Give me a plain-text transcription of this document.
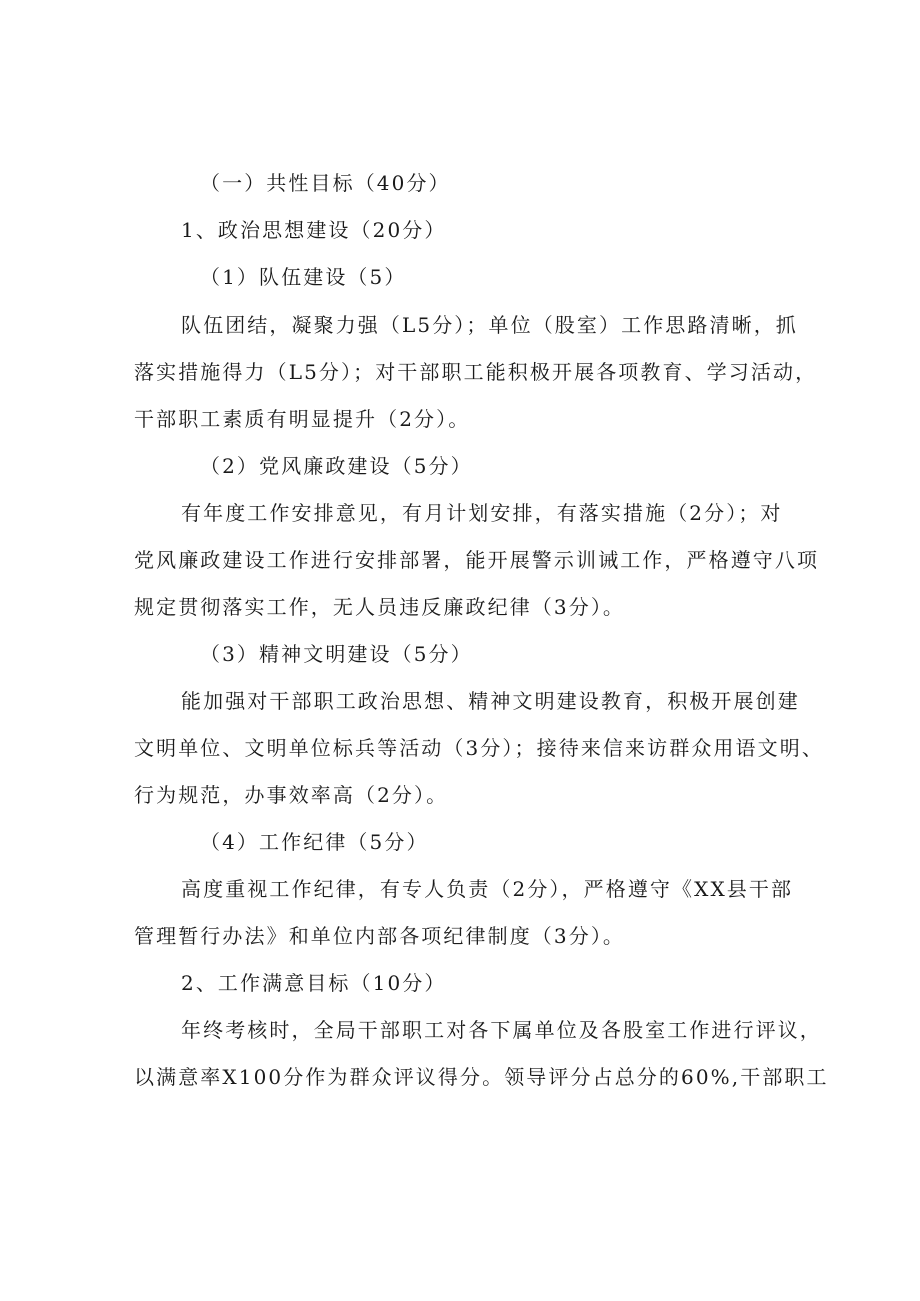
（一）共性目标（40分）
1、政治思想建设（20分）
（1）队伍建设（5）
队伍团结，凝聚力强（L5分）；单位（股室）工作思路清晰，抓
落实措施得力（L5分）；对干部职工能积极开展各项教育、学习活动，
干部职工素质有明显提升（2分）。
（2）党风廉政建设（5分）
有年度工作安排意见，有月计划安排，有落实措施（2分）；对
党风廉政建设工作进行安排部署，能开展警示训诫工作，严格遵守八项
规定贯彻落实工作，无人员违反廉政纪律（3分）。
（3）精神文明建设（5分）
能加强对干部职工政治思想、精神文明建设教育，积极开展创建
文明单位、文明单位标兵等活动（3分）；接待来信来访群众用语文明、
行为规范，办事效率高（2分）。
（4）工作纪律（5分）
高度重视工作纪律，有专人负责（2分），严格遵守《XX县干部
管理暂行办法》和单位内部各项纪律制度（3分）。
2、工作满意目标（10分）
年终考核时，全局干部职工对各下属单位及各股室工作进行评议，
以满意率X100分作为群众评议得分。领导评分占总分的60%,干部职工
